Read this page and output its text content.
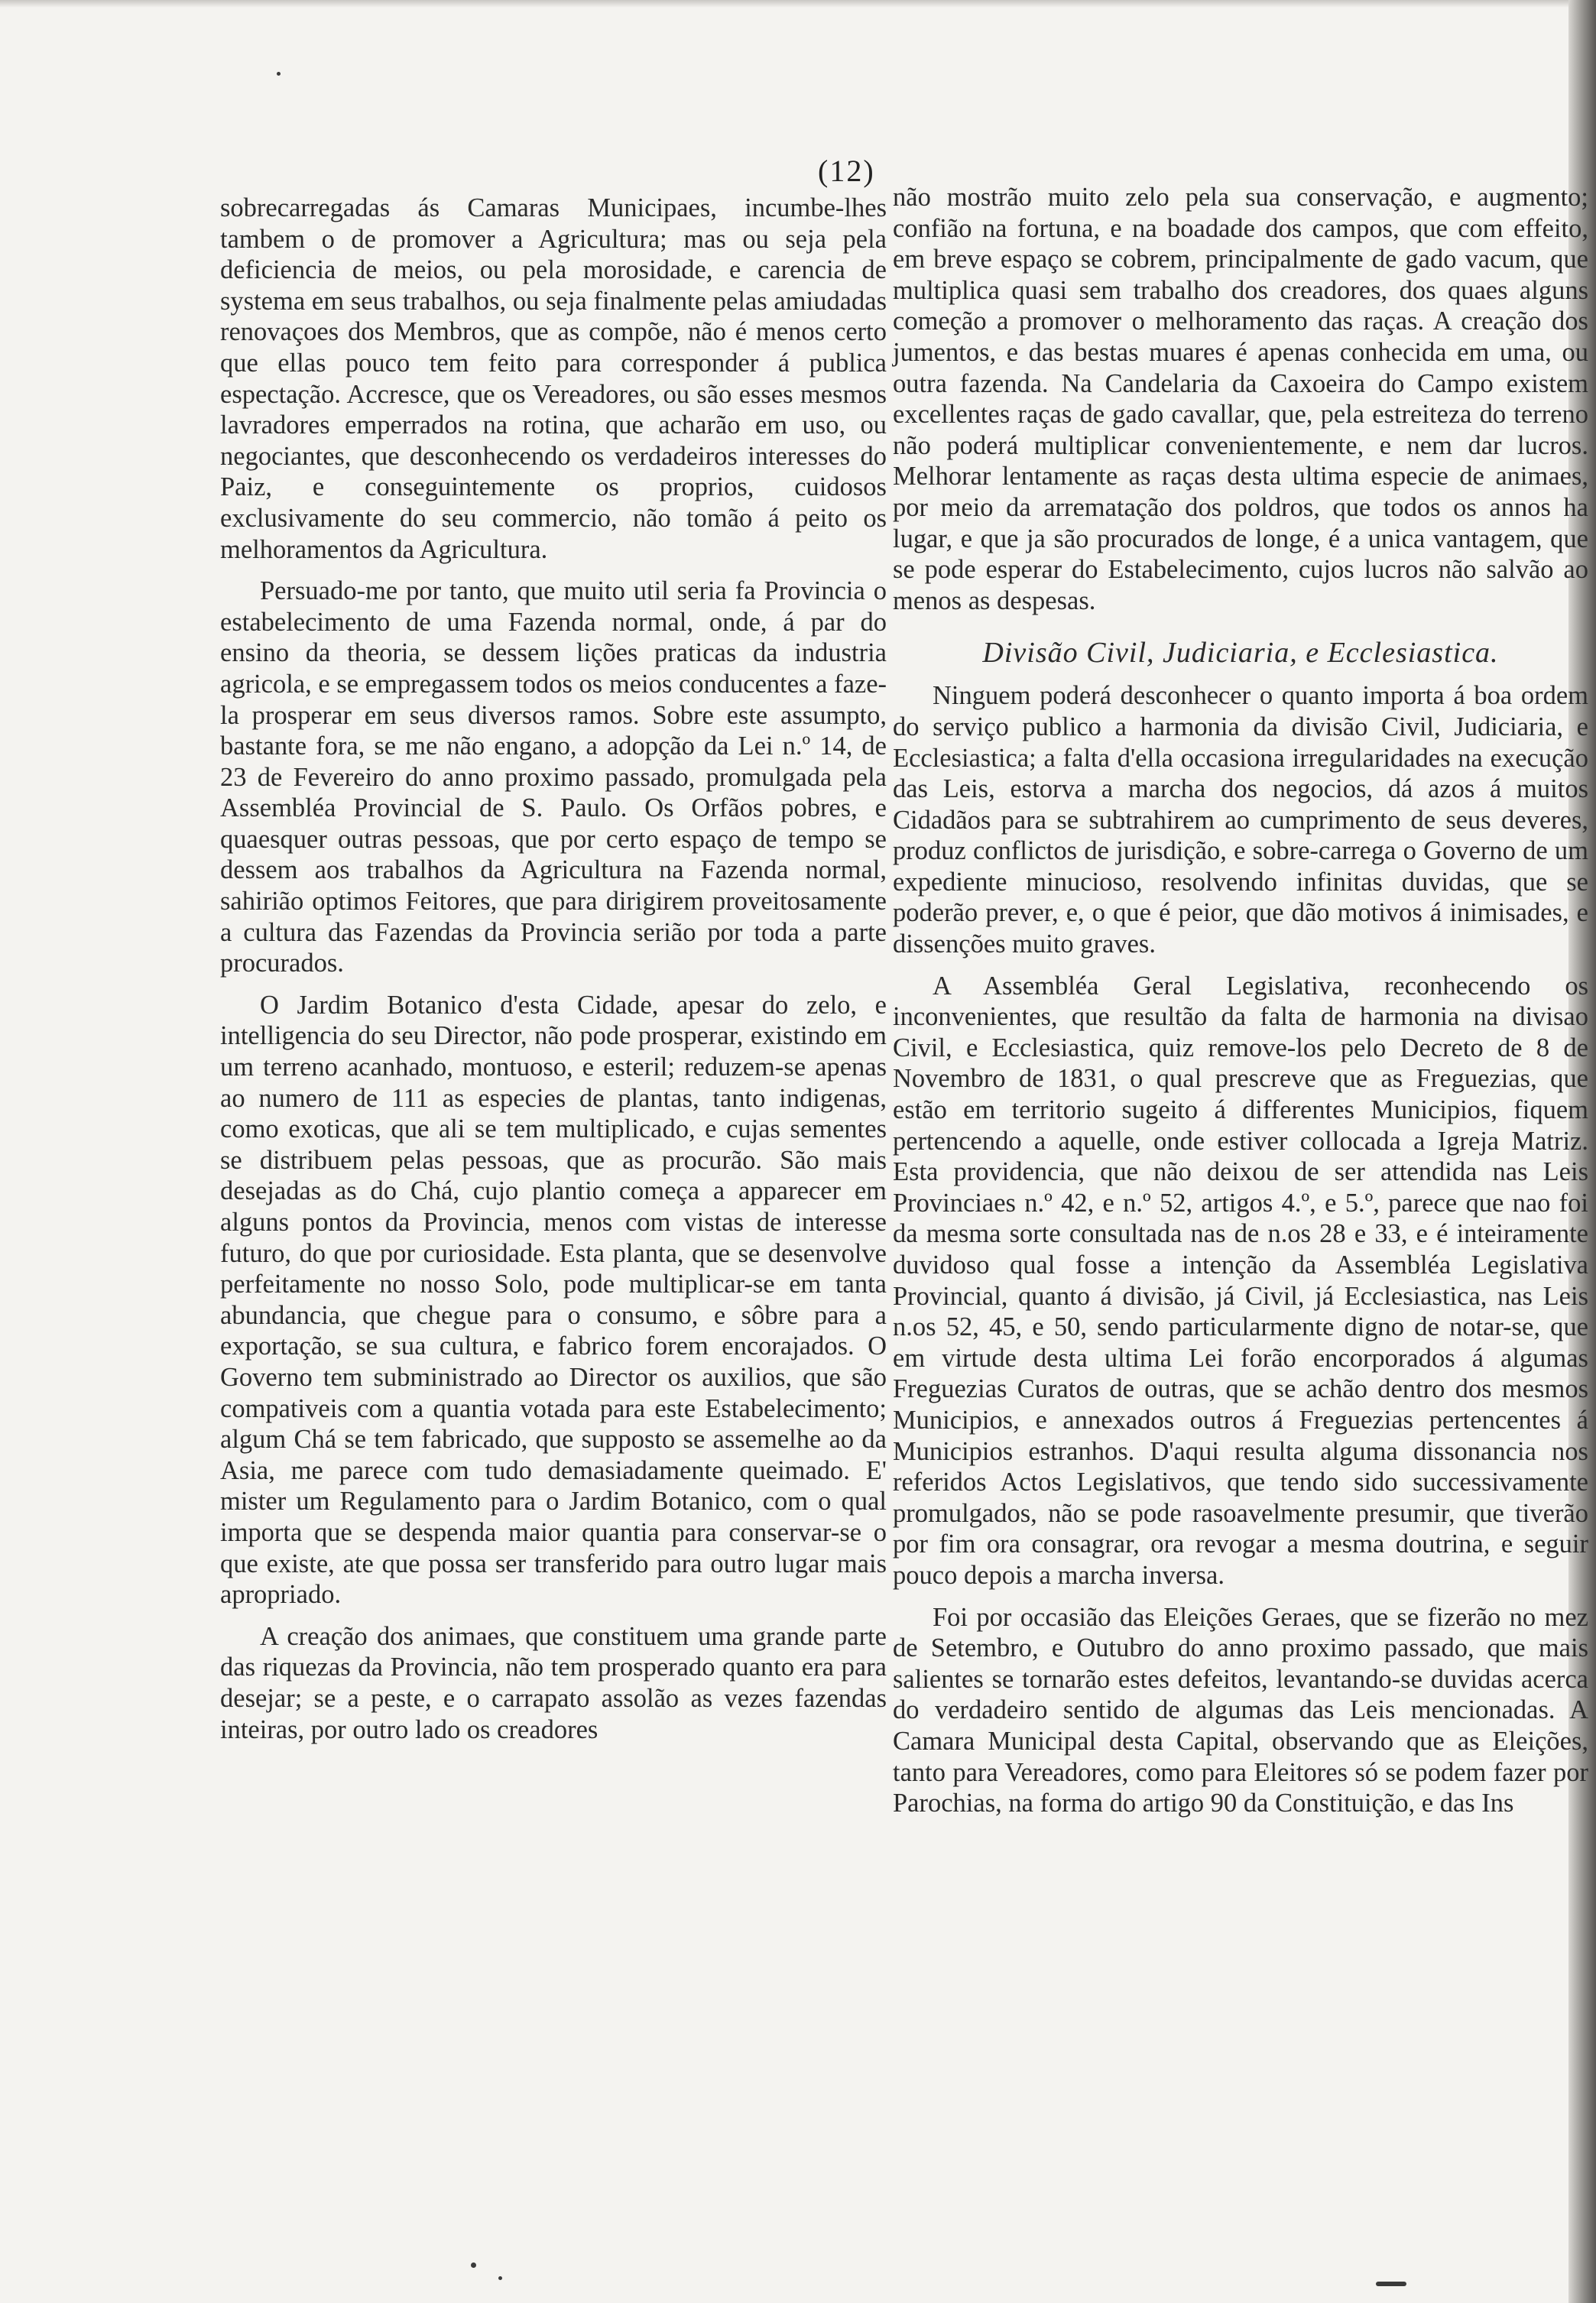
(12)

sobrecarregadas ás Camaras Municipaes, incumbe-lhes tambem o de promover a Agricultura; mas ou seja pela deficiencia de meios, ou pela morosidade, e carencia de systema em seus trabalhos, ou seja finalmente pelas amiudadas renovaçoes dos Membros, que as compõe, não é menos certo que ellas pouco tem feito para corresponder á publica espectação. Accresce, que os Vereadores, ou são esses mesmos lavradores emperrados na rotina, que acharão em uso, ou negociantes, que desconhecendo os verdadeiros interesses do Paiz, e conseguintemente os proprios, cuidosos exclusivamente do seu commercio, não tomão á peito os melhoramentos da Agricultura.

Persuado-me por tanto, que muito util seria fa Provincia o estabelecimento de uma Fazenda normal, onde, á par do ensino da theoria, se dessem lições praticas da industria agricola, e se empregassem todos os meios conducentes a faze-la prosperar em seus diversos ramos. Sobre este assumpto, bastante fora, se me não engano, a adopção da Lei n.º 14, de 23 de Fevereiro do anno proximo passado, promulgada pela Assembléa Provincial de S. Paulo. Os Orfãos pobres, e quaesquer outras pessoas, que por certo espaço de tempo se dessem aos trabalhos da Agricultura na Fazenda normal, sahirião optimos Feitores, que para dirigirem proveitosamente a cultura das Fazendas da Provincia serião por toda a parte procurados.

O Jardim Botanico d'esta Cidade, apesar do zelo, e intelligencia do seu Director, não pode prosperar, existindo em um terreno acanhado, montuoso, e esteril; reduzem-se apenas ao numero de 111 as especies de plantas, tanto indigenas, como exoticas, que ali se tem multiplicado, e cujas sementes se distribuem pelas pessoas, que as procurão. São mais desejadas as do Chá, cujo plantio começa a apparecer em alguns pontos da Provincia, menos com vistas de interesse futuro, do que por curiosidade. Esta planta, que se desenvolve perfeitamente no nosso Solo, pode multiplicar-se em tanta abundancia, que chegue para o consumo, e sôbre para a exportação, se sua cultura, e fabrico forem encorajados. O Governo tem subministrado ao Director os auxilios, que são compativeis com a quantia votada para este Estabelecimento; algum Chá se tem fabricado, que supposto se assemelhe ao da Asia, me parece com tudo demasiadamente queimado. E' mister um Regulamento para o Jardim Botanico, com o qual importa que se despenda maior quantia para conservar-se o que existe, ate que possa ser transferido para outro lugar mais apropriado.

A creação dos animaes, que constituem uma grande parte das riquezas da Provincia, não tem prosperado quanto era para desejar; se a peste, e o carrapato assolão as vezes fazendas inteiras, por outro lado os creadores

não mostrão muito zelo pela sua conservação, e augmento; confião na fortuna, e na boadade dos campos, que com effeito, em breve espaço se cobrem, principalmente de gado vacum, que multiplica quasi sem trabalho dos creadores, dos quaes alguns começão a promover o melhoramento das raças. A creação dos jumentos, e das bestas muares é apenas conhecida em uma, ou outra fazenda. Na Candelaria da Caxoeira do Campo existem excellentes raças de gado cavallar, que, pela estreiteza do terreno não poderá multiplicar convenientemente, e nem dar lucros. Melhorar lentamente as raças desta ultima especie de animaes, por meio da arrematação dos poldros, que todos os annos ha lugar, e que ja são procurados de longe, é a unica vantagem, que se pode esperar do Estabelecimento, cujos lucros não salvão ao menos as despesas.

Divisão Civil, Judiciaria, e Ecclesiastica.

Ninguem poderá desconhecer o quanto importa á boa ordem do serviço publico a harmonia da divisão Civil, Judiciaria, e Ecclesiastica; a falta d'ella occasiona irregularidades na execução das Leis, estorva a marcha dos negocios, dá azos á muitos Cidadãos para se subtrahirem ao cumprimento de seus deveres, produz conflictos de jurisdição, e sobre-carrega o Governo de um expediente minucioso, resolvendo infinitas duvidas, que se poderão prever, e, o que é peior, que dão motivos á inimisades, e dissenções muito graves.

A Assembléa Geral Legislativa, reconhecendo os inconvenientes, que resultão da falta de harmonia na divisao Civil, e Ecclesiastica, quiz remove-los pelo Decreto de 8 de Novembro de 1831, o qual prescreve que as Freguezias, que estão em territorio sugeito á differentes Municipios, fiquem pertencendo a aquelle, onde estiver collocada a Igreja Matriz. Esta providencia, que não deixou de ser attendida nas Leis Provinciaes n.º 42, e n.º 52, artigos 4.º, e 5.º, parece que nao foi da mesma sorte consultada nas de n.os 28 e 33, e é inteiramente duvidoso qual fosse a intenção da Assembléa Legislativa Provincial, quanto á divisão, já Civil, já Ecclesiastica, nas Leis n.os 52, 45, e 50, sendo particularmente digno de notar-se, que em virtude desta ultima Lei forão encorporados á algumas Freguezias Curatos de outras, que se achão dentro dos mesmos Municipios, e annexados outros á Freguezias pertencentes á Municipios estranhos. D'aqui resulta alguma dissonancia nos referidos Actos Legislativos, que tendo sido successivamente promulgados, não se pode rasoavelmente presumir, que tiverão por fim ora consagrar, ora revogar a mesma doutrina, e seguir pouco depois a marcha inversa.

Foi por occasião das Eleições Geraes, que se fizerão no mez de Setembro, e Outubro do anno proximo passado, que mais salientes se tornarão estes defeitos, levantando-se duvidas acerca do verdadeiro sentido de algumas das Leis mencionadas. A Camara Municipal desta Capital, observando que as Eleições, tanto para Vereadores, como para Eleitores só se podem fazer por Parochias, na forma do artigo 90 da Constituição, e das Ins
